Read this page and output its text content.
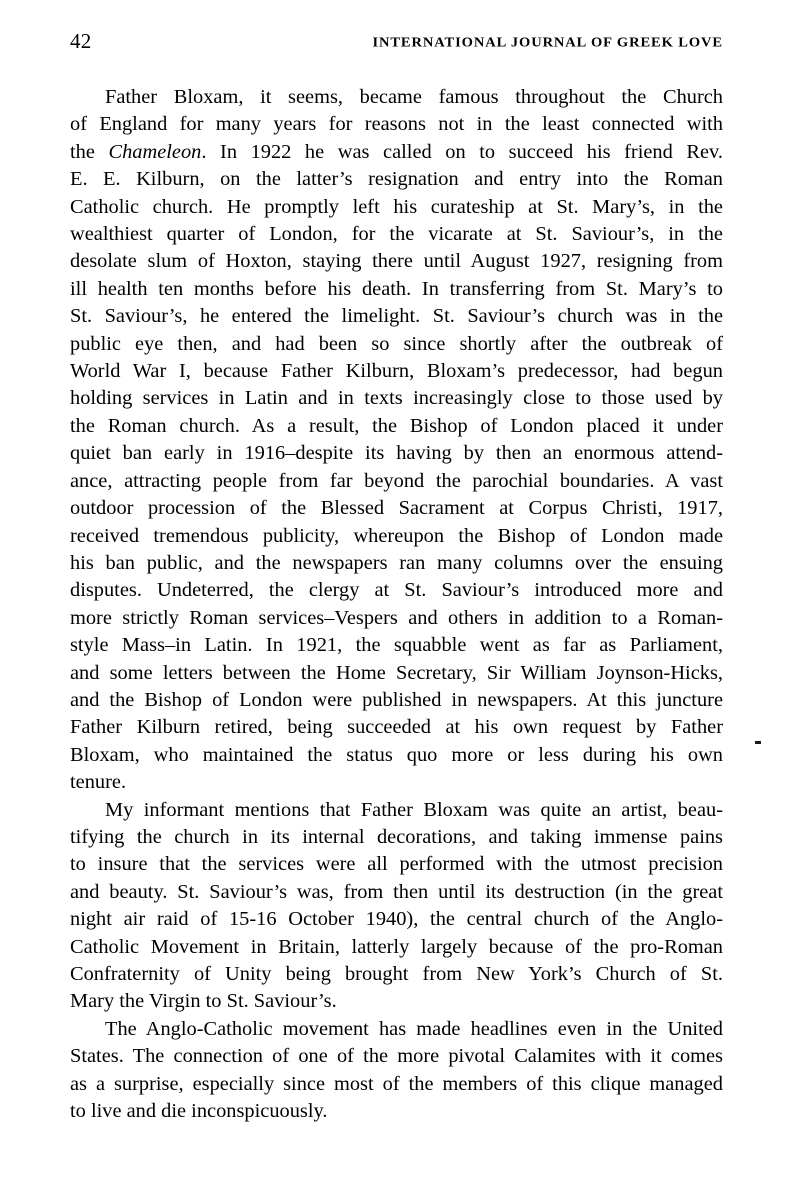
42	INTERNATIONAL JOURNAL OF GREEK LOVE

Father Bloxam, it seems, became famous throughout the Church
of England for many years for reasons not in the least connected with
the Chameleon. In 1922 he was called on to succeed his friend Rev.
E. E. Kilburn, on the latter’s resignation and entry into the Roman
Catholic church. He promptly left his curateship at St. Mary’s, in the
wealthiest quarter of London, for the vicarate at St. Saviour’s, in the
desolate slum of Hoxton, staying there until August 1927, resigning from
ill health ten months before his death. In transferring from St. Mary’s to
St. Saviour’s, he entered the limelight. St. Saviour’s church was in the
public eye then, and had been so since shortly after the outbreak of
World War I, because Father Kilburn, Bloxam’s predecessor, had begun
holding services in Latin and in texts increasingly close to those used by
the Roman church. As a result, the Bishop of London placed it under
quiet ban early in 1916–despite its having by then an enormous attend-
ance, attracting people from far beyond the parochial boundaries. A vast
outdoor procession of the Blessed Sacrament at Corpus Christi, 1917,
received tremendous publicity, whereupon the Bishop of London made
his ban public, and the newspapers ran many columns over the ensuing
disputes. Undeterred, the clergy at St. Saviour’s introduced more and
more strictly Roman services–Vespers and others in addition to a Roman-
style Mass–in Latin. In 1921, the squabble went as far as Parliament,
and some letters between the Home Secretary, Sir William Joynson-Hicks,
and the Bishop of London were published in newspapers. At this juncture
Father Kilburn retired, being succeeded at his own request by Father
Bloxam, who maintained the status quo more or less during his own
tenure.

My informant mentions that Father Bloxam was quite an artist, beau-
tifying the church in its internal decorations, and taking immense pains
to insure that the services were all performed with the utmost precision
and beauty. St. Saviour’s was, from then until its destruction (in the great
night air raid of 15-16 October 1940), the central church of the Anglo-
Catholic Movement in Britain, latterly largely because of the pro-Roman
Confraternity of Unity being brought from New York’s Church of St.
Mary the Virgin to St. Saviour’s.

The Anglo-Catholic movement has made headlines even in the United
States. The connection of one of the more pivotal Calamites with it comes
as a surprise, especially since most of the members of this clique managed
to live and die inconspicuously.
